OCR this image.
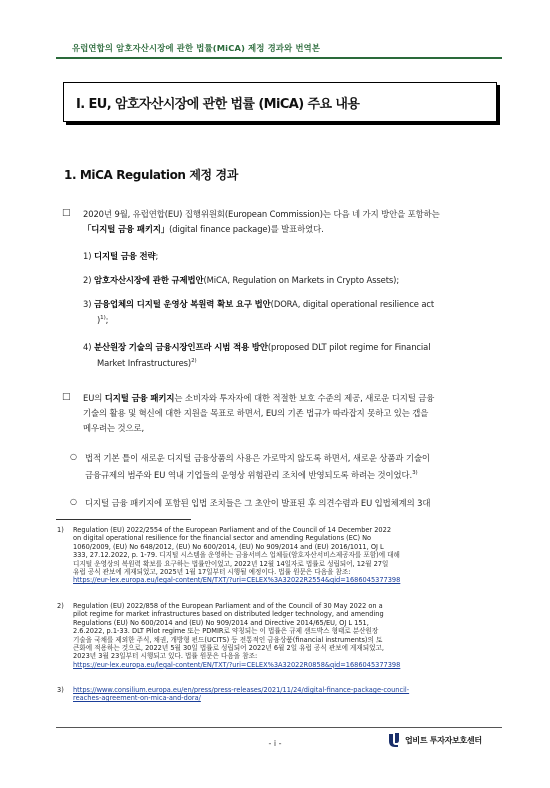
유럽연합의 암호자산시장에 관한 법률(MiCA) 제정 경과와 번역본
Ⅰ. EU, 암호자산시장에 관한 법률 (MiCA) 주요 내용
1. MiCA Regulation 제정 경과
□ 2020년 9월, 유럽연합(EU) 집행위원회(European Commission)는 다음 네 가지 방안을 포함하는
「디지털 금융 패키지」(digital finance package)를 발표하였다.
1) 디지털 금융 전략;
2) 암호자산시장에 관한 규제법안(MiCA, Regulation on Markets in Crypto Assets);
3) 금융업체의 디지털 운영상 복원력 확보 요구 법안(DORA, digital operational resilience act
)$^{1)}$;
4) 분산원장 기술의 금융시장인프라 시범 적용 방안(proposed DLT pilot regime for Financial
Market Infrastructures)$^{2)}$
□ EU의 디지털 금융 패키지는 소비자와 투자자에 대한 적절한 보호 수준의 제공, 새로운 디지털 금융
기술의 활용 및 혁신에 대한 지원을 목표로 하면서, EU의 기존 법규가 따라잡지 못하고 있는 갭을
메우려는 것으로,
○ 법적 기본 틀이 새로운 디지털 금융상품의 사용은 가로막지 않도록 하면서, 새로운 상품과 기술이
금융규제의 범주와 EU 역내 기업들의 운영상 위험관리 조치에 반영되도록 하려는 것이었다.$^{3)}$
○ 디지털 금융 패키지에 포함된 입법 조치들은 그 초안이 발표된 후 의견수렴과 EU 입법체계의 3대
1) Regulation (EU) 2022/2554 of the European Parliament and of the Council of 14 December 2022
on digital operational resilience for the financial sector and amending Regulations (EC) No
1060/2009, (EU) No 648/2012, (EU) No 600/2014, (EU) No 909/2014 and (EU) 2016/1011, OJ L
333, 27.12.2022, p. 1-79. 디지털 시스템을 운영하는 금융서비스 업체들(암호자산서비스제공자를 포함)에 대해
디지털 운영상의 복원력 확보를 요구하는 법률안이었고, 2022년 12월 14일자로 법률로 성립되어, 12월 27일
유럽 공식 관보에 게재되었고, 2025년 1월 17일부터 시행될 예정이다. 법률 원문은 다음을 참조:
https://eur-lex.europa.eu/legal-content/EN/TXT/?uri=CELEX%3A32022R2554&qid=1686045377398
2) Regulation (EU) 2022/858 of the European Parliament and of the Council of 30 May 2022 on a
pilot regime for market infrastructures based on distributed ledger technology, and amending
Regulations (EU) No 600/2014 and (EU) No 909/2014 and Directive 2014/65/EU, OJ L 151,
2.6.2022, p.1-33. DLT Pilot regime 또는 PDMIR로 약칭되는 이 법률은 규제 샌드박스 형태로 분산원장
기술을 국채를 제외한 주식, 채권, 개방형 펀드(UCITS) 등 전통적인 금융상품(financial instruments)의 토
큰화에 적용하는 것으로, 2022년 5월 30일 법률로 성립되어 2022년 6월 2일 유럽 공식 관보에 게재되었고,
2023년 3월 23일부터 시행되고 있다. 법률 원문은 다음을 참조:
https://eur-lex.europa.eu/legal-content/EN/TXT/?uri=CELEX%3A32022R0858&qid=1686045377398
3) https://www.consilium.europa.eu/en/press/press-releases/2021/11/24/digital-finance-package-council-
reaches-agreement-on-mica-and-dora/
- i -	업비트 투자자보호센터
